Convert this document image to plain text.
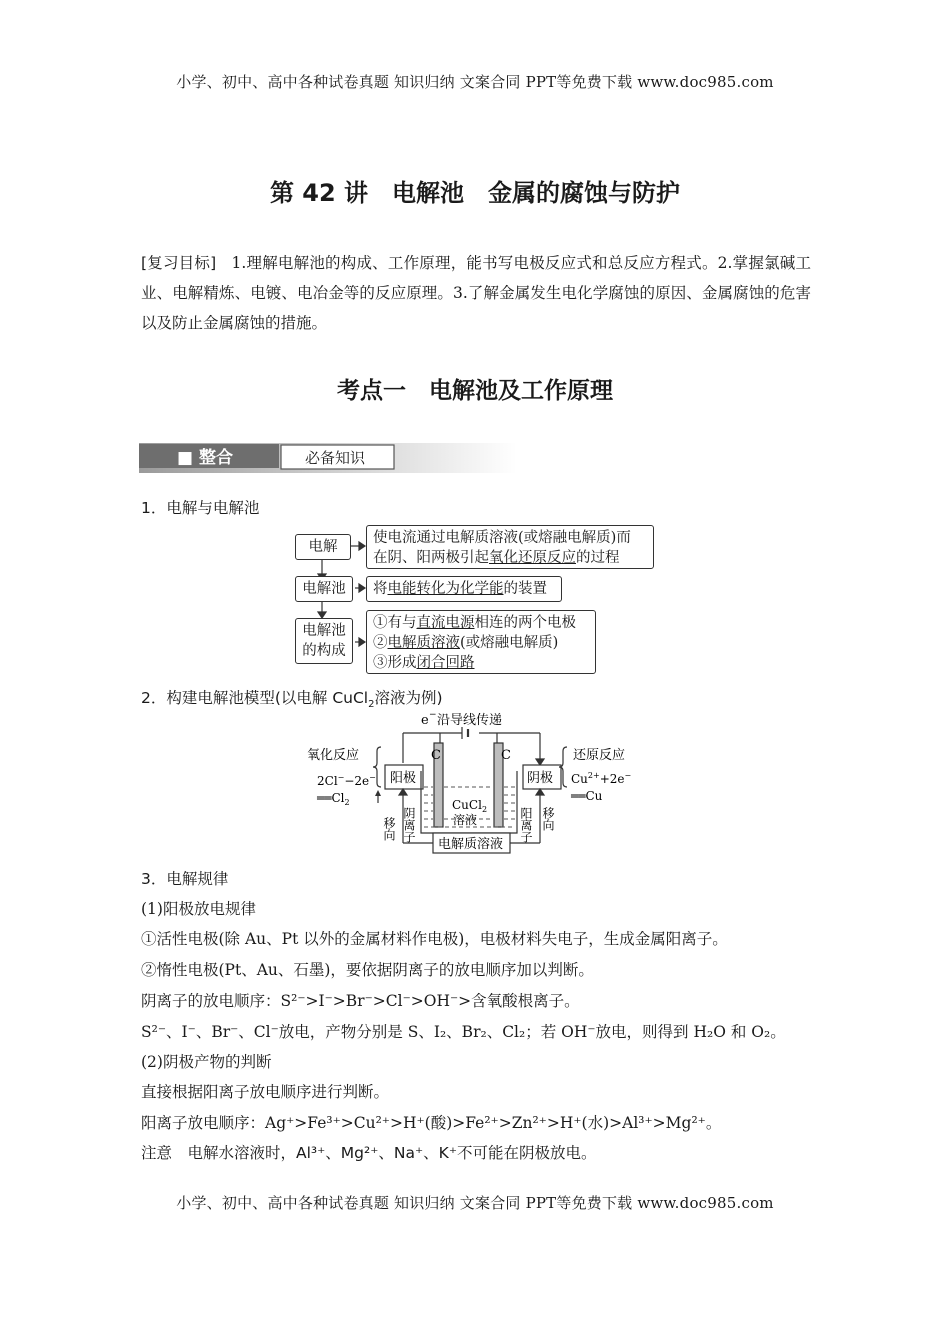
小学、初中、高中各种试卷真题 知识归纳 文案合同 PPT等免费下载 www.doc985.com
第 42 讲　电解池　金属的腐蚀与防护
[复习目标] 1.理解电解池的构成、工作原理，能书写电极反应式和总反应方程式。2.掌握氯碱工业、电解精炼、电镀、电冶金等的反应原理。3.了解金属发生电化学腐蚀的原因、金属腐蚀的危害以及防止金属腐蚀的措施。
考点一　电解池及工作原理
■ 整合	必备知识
1．电解与电解池
电解
使电流通过电解质溶液(或熔融电解质)而
在阴、阳两极引起氧化还原反应的过程
电解池	将电能转化为化学能的装置
电解池
的构成
①有与直流电源相连的两个电极
②电解质溶液(或熔融电解质)
③形成闭合回路
2．构建电解池模型(以电解 CuCl$_2$溶液为例)
e − 沿导线传递
C	C
氧化反应
2Cl−−2e−
$══Cl_2$
阳极	阴极
还原反应
$Cu^{2+}+2e^-$
══Cu
CuCl$_2$
溶液
电解质溶液
移向 阴离子	阳离子 移向
3．电解规律
(1)阳极放电规律
①活性电极(除 Au、Pt 以外的金属材料作电极)，电极材料失电子，生成金属阳离子。
②惰性电极(Pt、Au、石墨)，要依据阴离子的放电顺序加以判断。
阴离子的放电顺序：S²⁻>I⁻>Br⁻>Cl⁻>OH⁻>含氧酸根离子。
S²⁻、I⁻、Br⁻、Cl⁻放电，产物分别是 S、I₂、Br₂、Cl₂；若 OH⁻放电，则得到 H₂O 和 O₂。
(2)阴极产物的判断
直接根据阳离子放电顺序进行判断。
阳离子放电顺序：Ag⁺>Fe³⁺>Cu²⁺>H⁺(酸)>Fe²⁺>Zn²⁺>H⁺(水)>Al³⁺>Mg²⁺。
注意　电解水溶液时，Al³⁺、Mg²⁺、Na⁺、K⁺不可能在阴极放电。
小学、初中、高中各种试卷真题 知识归纳 文案合同 PPT等免费下载 www.doc985.com
